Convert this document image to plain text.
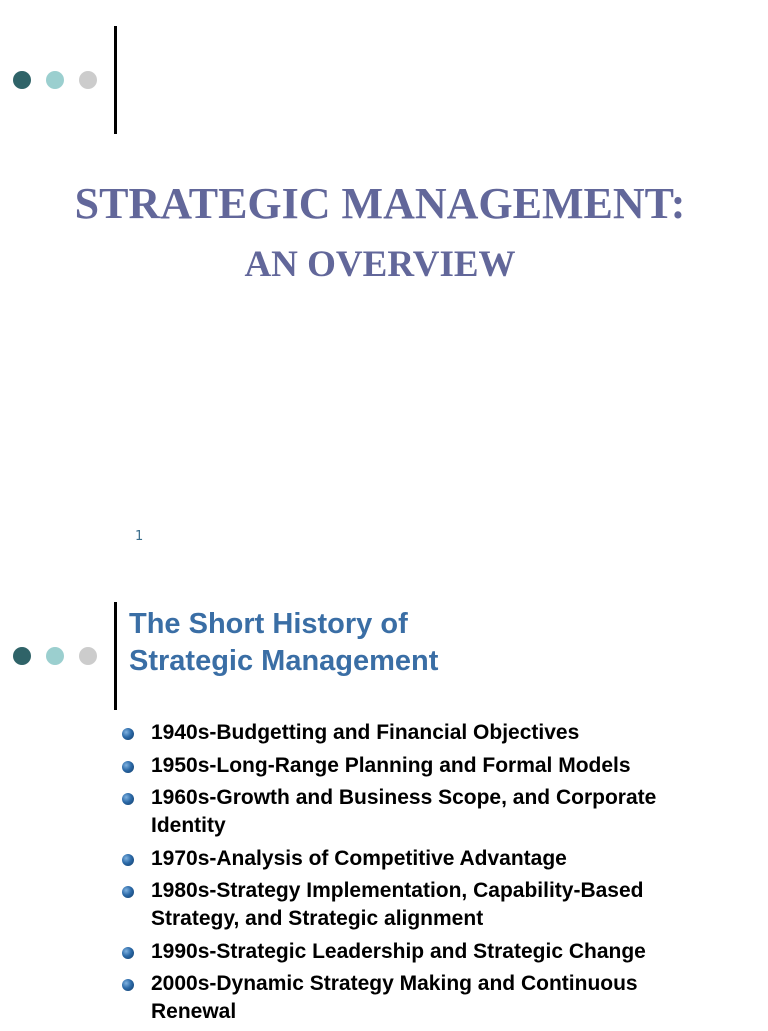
STRATEGIC MANAGEMENT:
AN OVERVIEW
1
The Short History of
Strategic Management
1940s-Budgetting and Financial Objectives
1950s-Long-Range Planning and Formal Models
1960s-Growth and Business Scope, and Corporate Identity
1970s-Analysis of Competitive Advantage
1980s-Strategy Implementation, Capability-Based Strategy, and Strategic alignment
1990s-Strategic Leadership and Strategic Change
2000s-Dynamic Strategy Making and Continuous Renewal
